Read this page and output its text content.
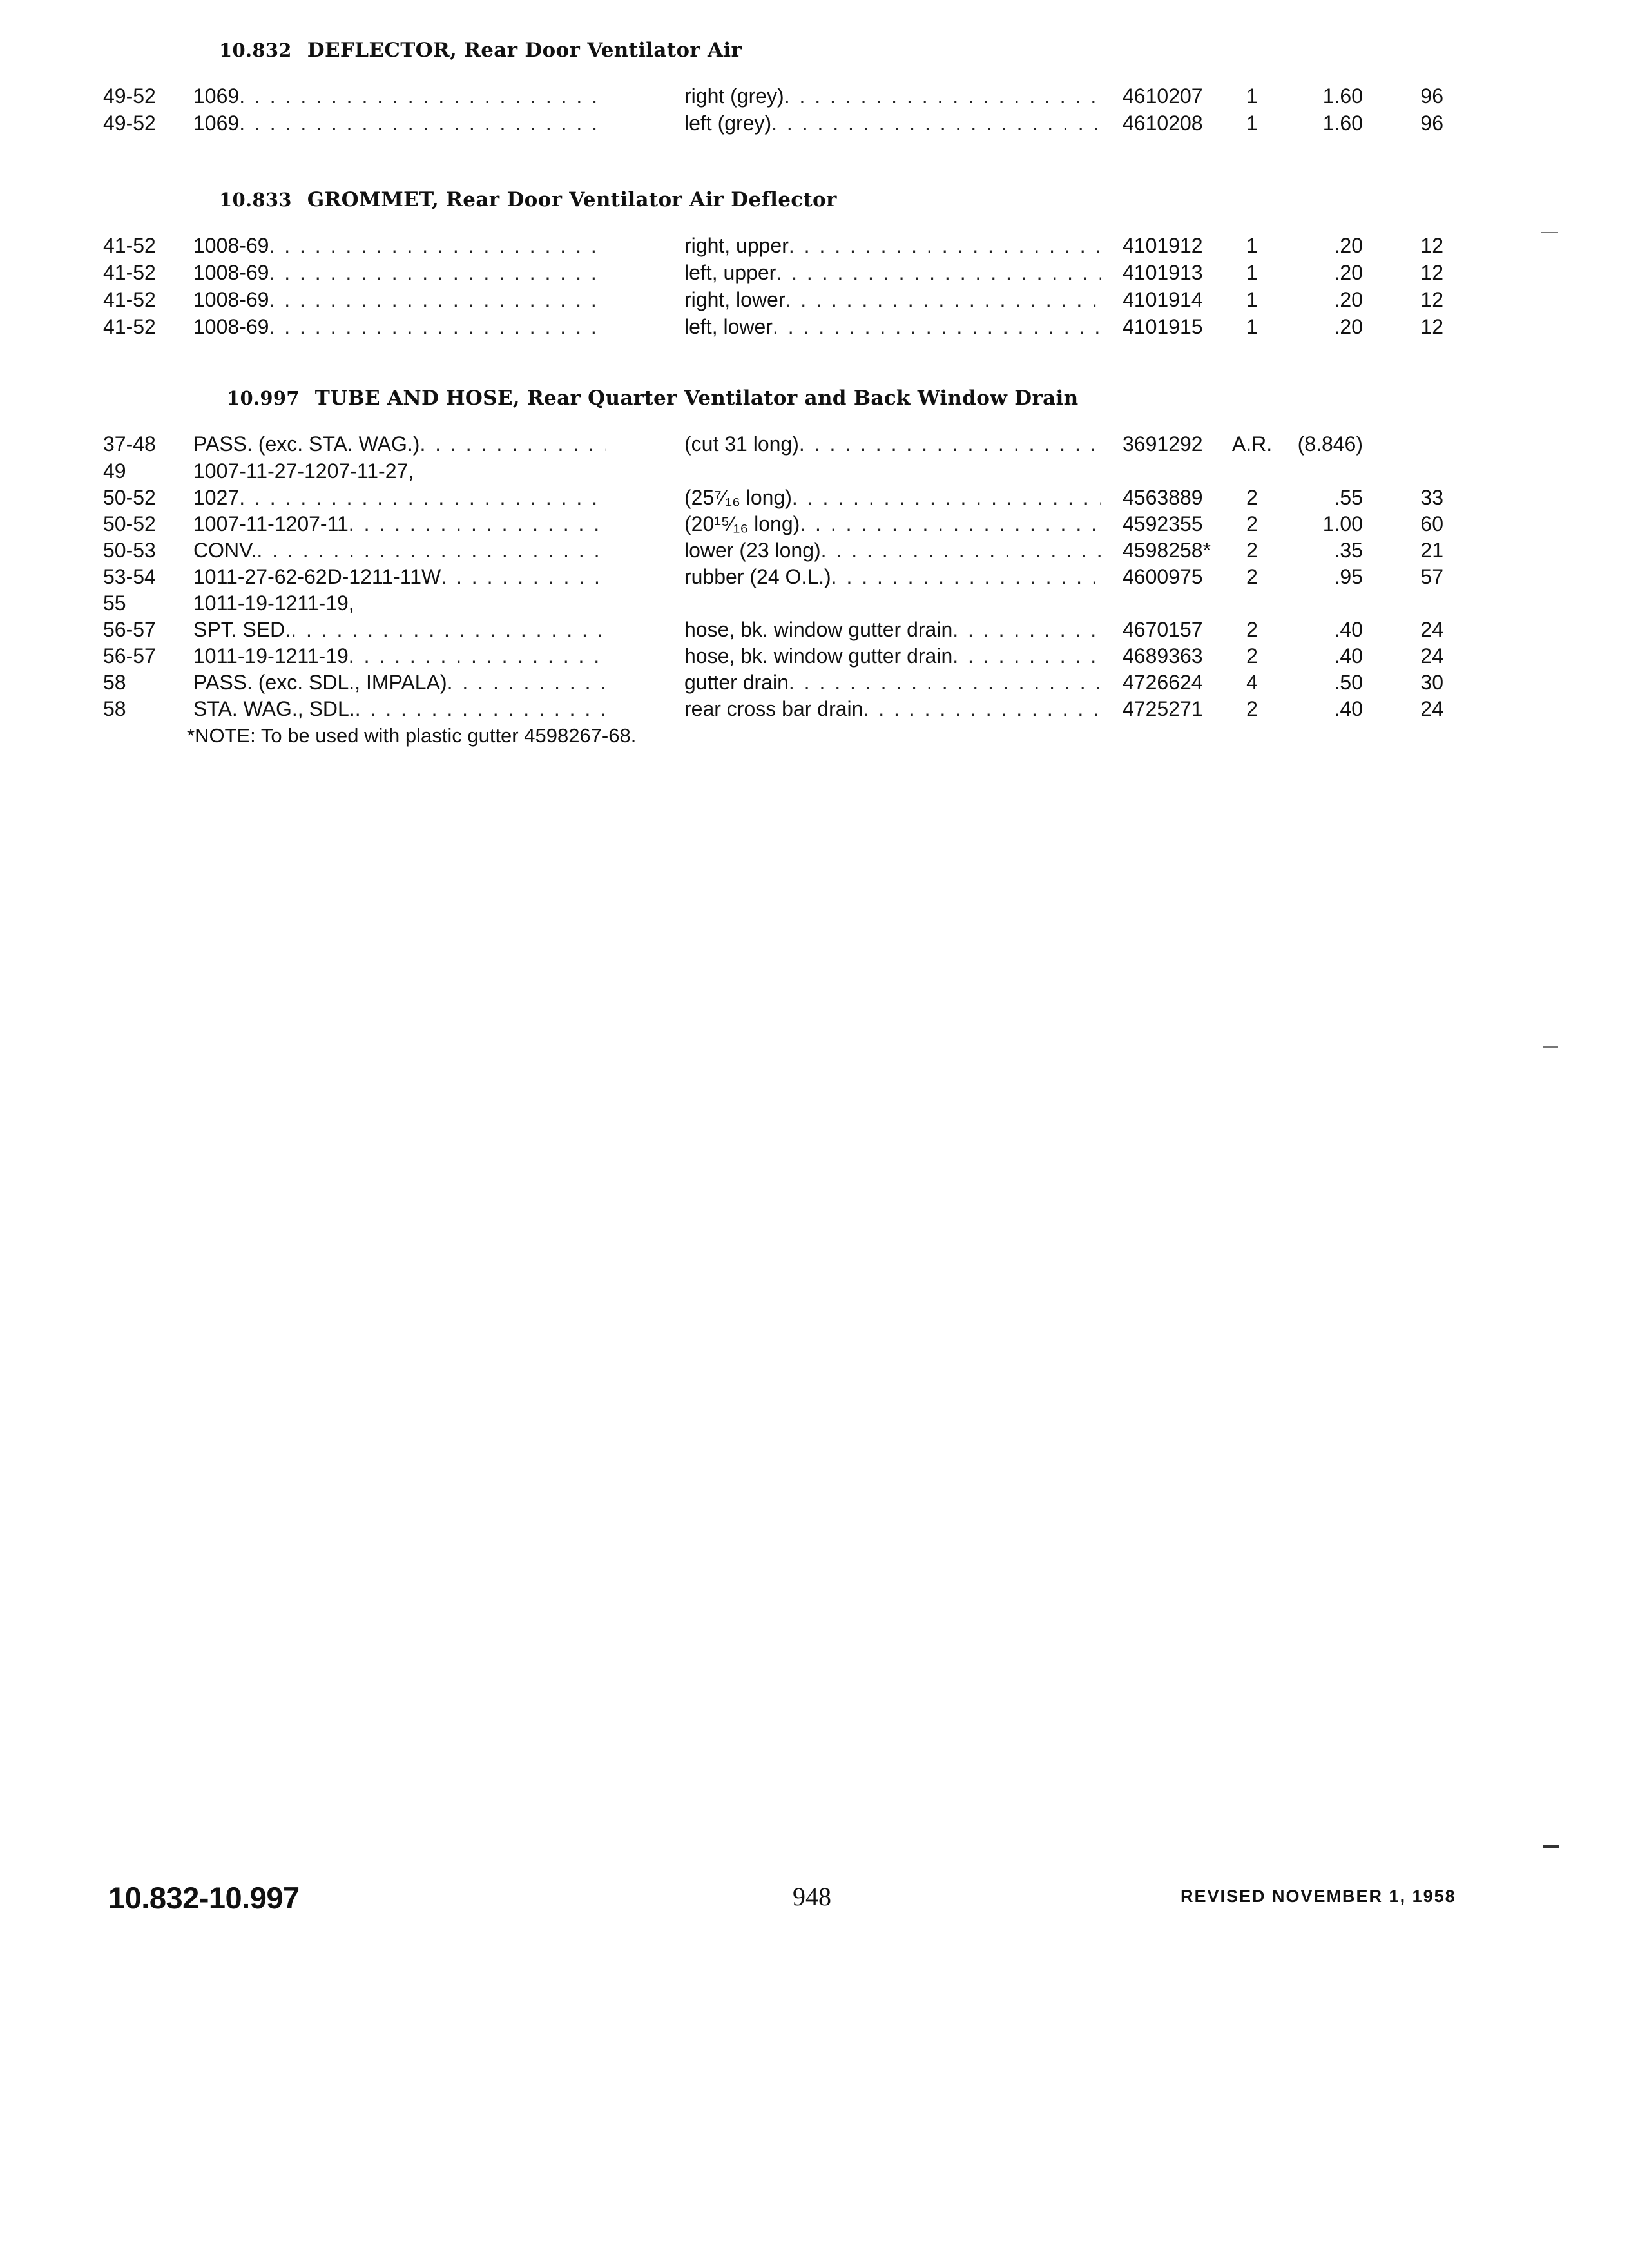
10.832 DEFLECTOR, Rear Door Ventilator Air
49-52 1069 . . .	right (grey) . . .	4610207	1	1.60	96
49-52 1069 . . .	left (grey) . . .	4610208	1	1.60	96
10.833 GROMMET, Rear Door Ventilator Air Deflector
41-52 1008-69 . . .	right, upper . . .	4101912	1	.20	12
41-52 1008-69 . . .	left, upper . . .	4101913	1	.20	12
41-52 1008-69 . . .	right, lower . . .	4101914	1	.20	12
41-52 1008-69 . . .	left, lower . . .	4101915	1	.20	12
10.997 TUBE AND HOSE, Rear Quarter Ventilator and Back Window Drain
37-48 PASS. (exc. STA. WAG.) . . .	(cut 31 long) . . .	3691292 A.R.	(8.846)
49	1007-11-27-1207-11-27,
50-52 1027 . . .	(25⁷⁄₁₆ long) . . .	4563889	2	.55	33
50-52 1007-11-1207-11 . . .	(20¹⁵⁄₁₆ long) . . .	4592355	2	1.00	60
50-53 CONV. . . .	lower (23 long) . . .	4598258*	2	.35	21
53-54 1011-27-62-62D-1211-11W . . .	rubber (24 O.L.) . . .	4600975	2	.95	57
55	1011-19-1211-19,
56-57 SPT. SED. . . .	hose, bk. window gutter drain . . .	4670157	2	.40	24
56-57 1011-19-1211-19 . . .	hose, bk. window gutter drain . . .	4689363	2	.40	24
58	PASS. (exc. SDL., IMPALA) . . .	gutter drain . . .	4726624	4	.50	30
58	STA. WAG., SDL. . . .	rear cross bar drain . . .	4725271	2	.40	24
*NOTE: To be used with plastic gutter 4598267-68.
10.832-10.997	948	REVISED NOVEMBER 1, 1958
